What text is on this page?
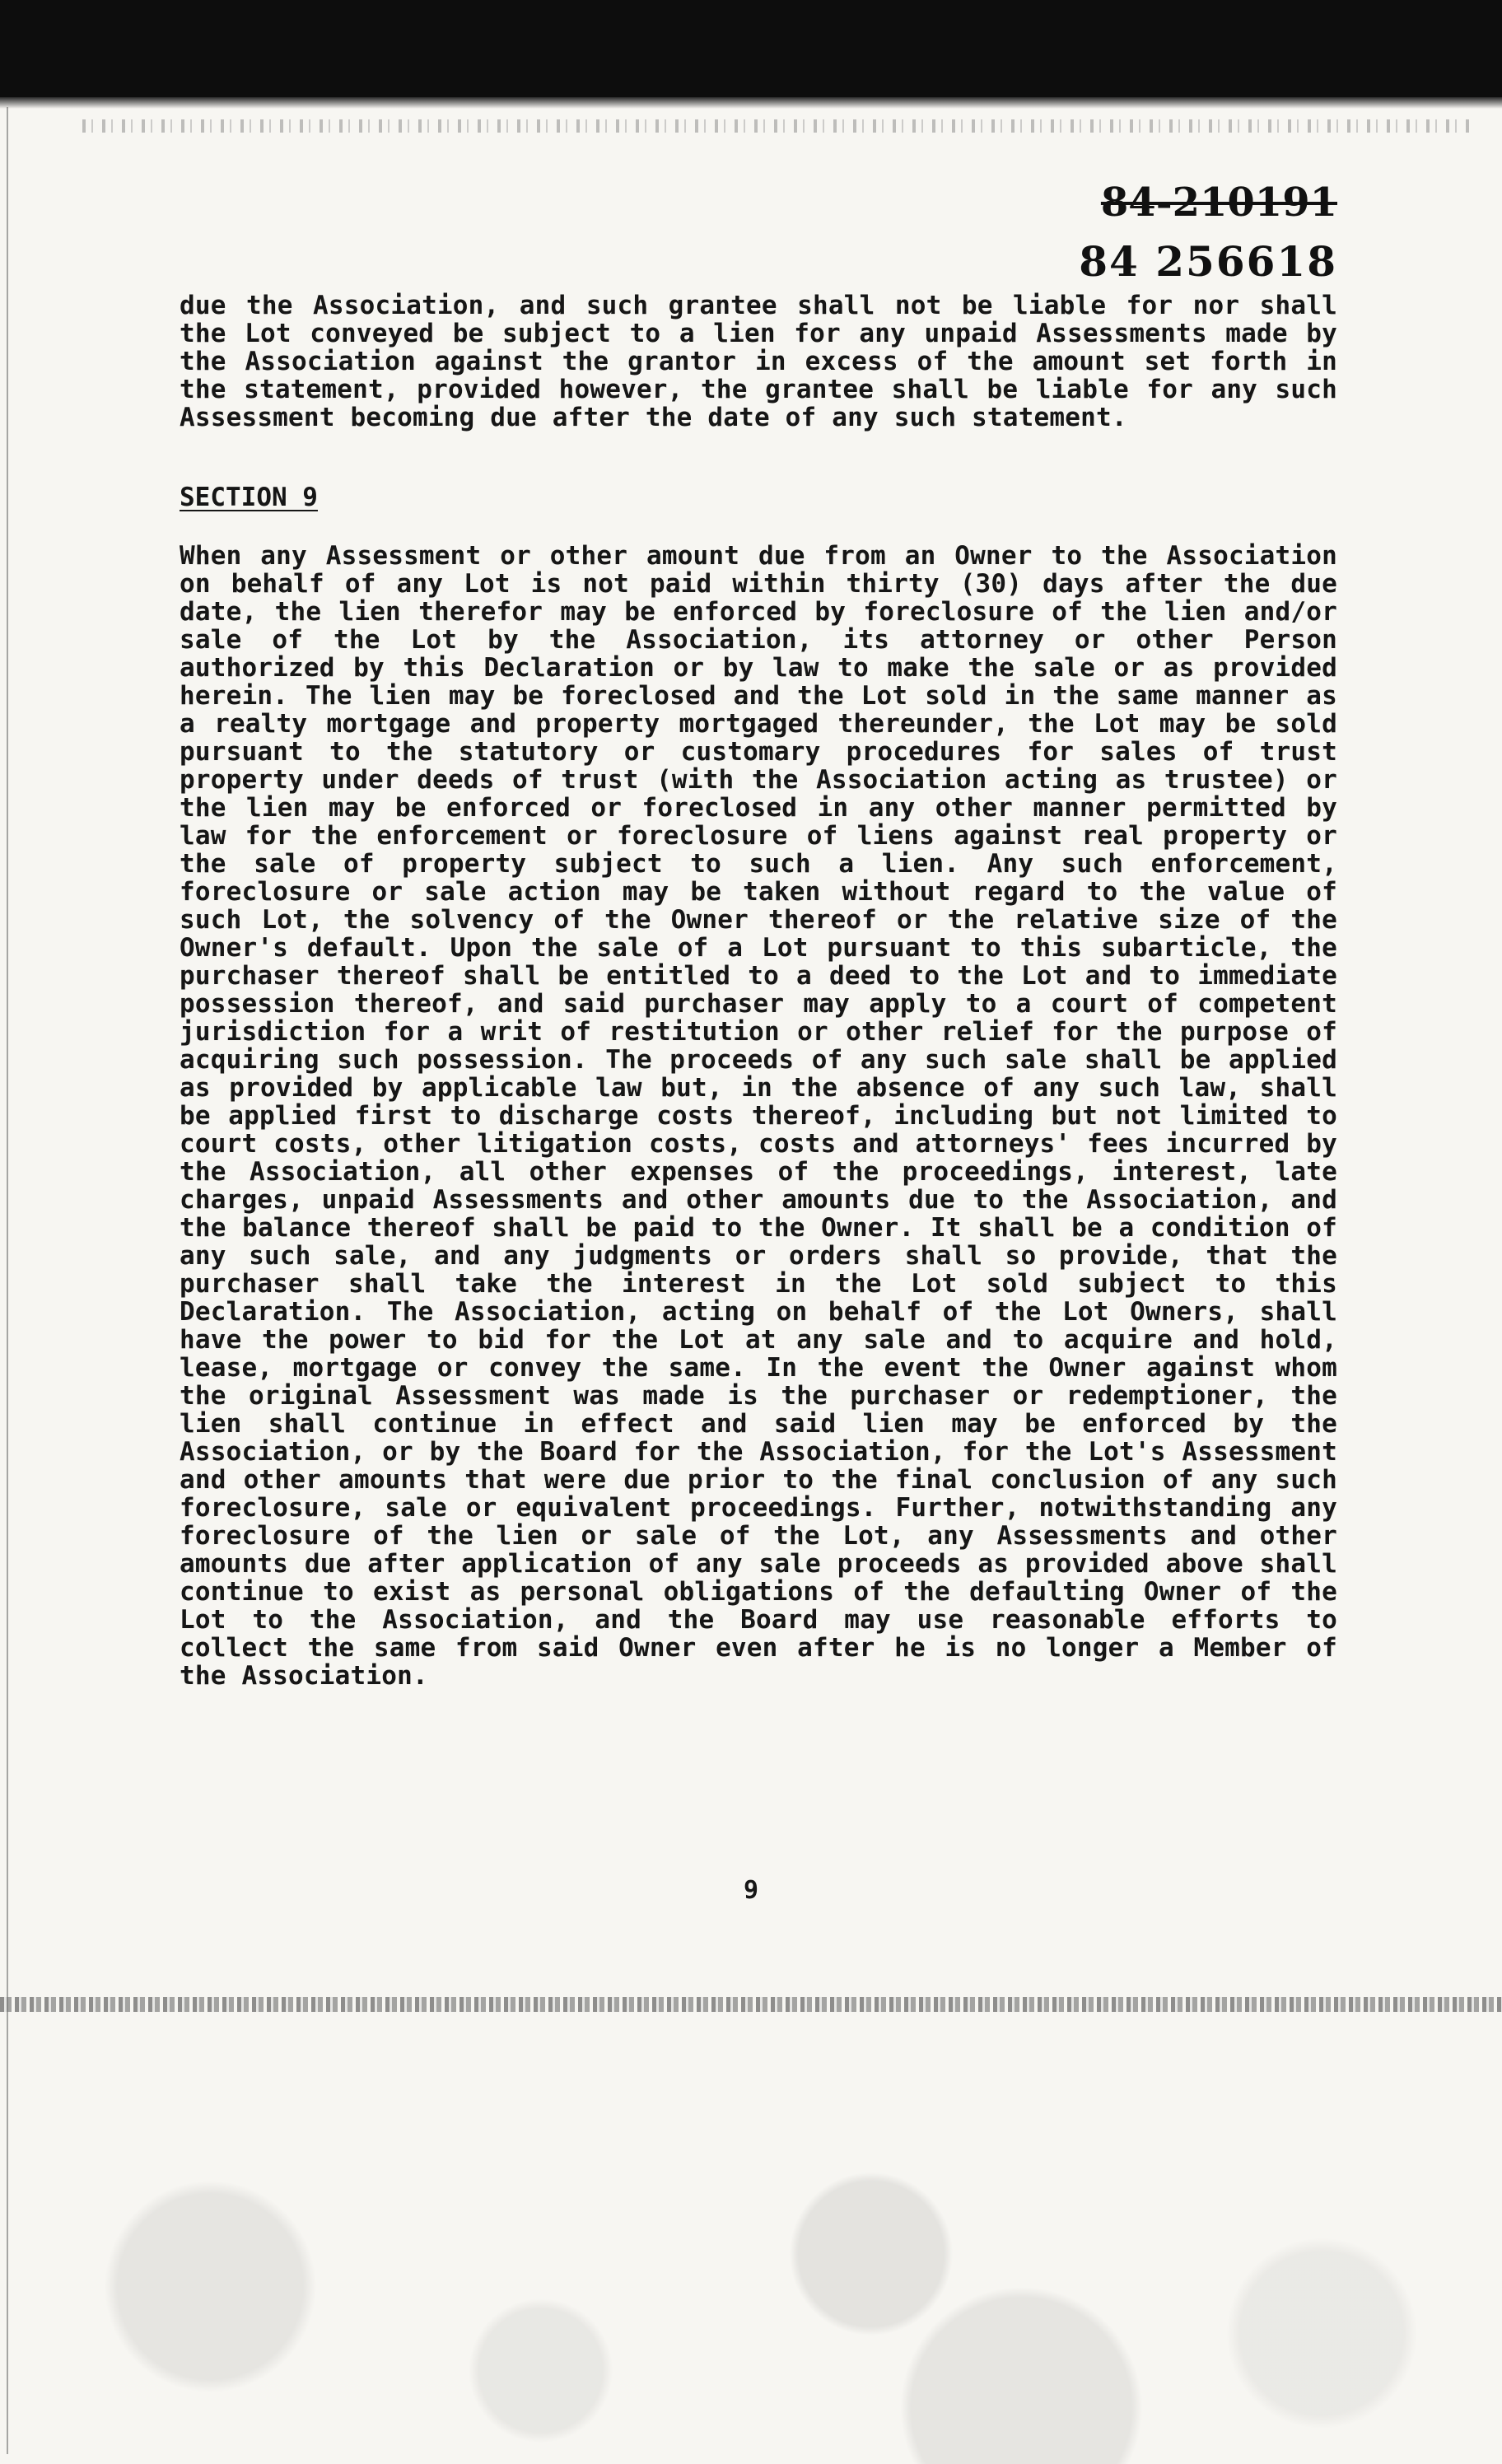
84-210191
84 256618
due the Association, and such grantee shall not be liable for nor shall the Lot conveyed be subject to a lien for any unpaid Assessments made by the Association against the grantor in excess of the amount set forth in the statement, provided however, the grantee shall be liable for any such Assessment becoming due after the date of any such statement.
SECTION 9
When any Assessment or other amount due from an Owner to the Association on behalf of any Lot is not paid within thirty (30) days after the due date, the lien therefor may be enforced by foreclosure of the lien and/or sale of the Lot by the Association, its attorney or other Person authorized by this Declaration or by law to make the sale or as provided herein. The lien may be foreclosed and the Lot sold in the same manner as a realty mortgage and property mortgaged thereunder, the Lot may be sold pursuant to the statutory or customary procedures for sales of trust property under deeds of trust (with the Association acting as trustee) or the lien may be enforced or foreclosed in any other manner permitted by law for the enforcement or foreclosure of liens against real property or the sale of property subject to such a lien. Any such enforcement, foreclosure or sale action may be taken without regard to the value of such Lot, the solvency of the Owner thereof or the relative size of the Owner's default. Upon the sale of a Lot pursuant to this subarticle, the purchaser thereof shall be entitled to a deed to the Lot and to immediate possession thereof, and said purchaser may apply to a court of competent jurisdiction for a writ of restitution or other relief for the purpose of acquiring such possession. The proceeds of any such sale shall be applied as provided by applicable law but, in the absence of any such law, shall be applied first to discharge costs thereof, including but not limited to court costs, other litigation costs, costs and attorneys' fees incurred by the Association, all other expenses of the proceedings, interest, late charges, unpaid Assessments and other amounts due to the Association, and the balance thereof shall be paid to the Owner. It shall be a condition of any such sale, and any judgments or orders shall so provide, that the purchaser shall take the interest in the Lot sold subject to this Declaration. The Association, acting on behalf of the Lot Owners, shall have the power to bid for the Lot at any sale and to acquire and hold, lease, mortgage or convey the same. In the event the Owner against whom the original Assessment was made is the purchaser or redemptioner, the lien shall continue in effect and said lien may be enforced by the Association, or by the Board for the Association, for the Lot's Assessment and other amounts that were due prior to the final conclusion of any such foreclosure, sale or equivalent proceedings. Further, notwithstanding any foreclosure of the lien or sale of the Lot, any Assessments and other amounts due after application of any sale proceeds as provided above shall continue to exist as personal obligations of the defaulting Owner of the Lot to the Association, and the Board may use reasonable efforts to collect the same from said Owner even after he is no longer a Member of the Association.
9
